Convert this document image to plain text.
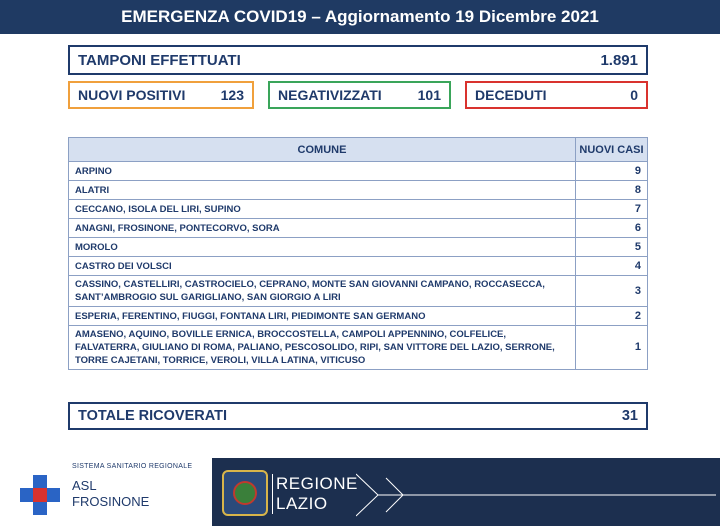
EMERGENZA COVID19 – Aggiornamento 19 Dicembre 2021
TAMPONI EFFETTUATI	1.891
NUOVI POSITIVI	123 NEGATIVIZZATI	101 DECEDUTI	0
COMUNE	NUOVI CASI
ARPINO	9
ALATRI	8
CECCANO, ISOLA DEL LIRI, SUPINO	7
ANAGNI, FROSINONE, PONTECORVO, SORA	6
MOROLO	5
CASTRO DEI VOLSCI	4
CASSINO, CASTELLIRI, CASTROCIELO, CEPRANO, MONTE SAN GIOVANNI CAMPANO, ROCCASECCA, SANT’AMBROGIO SUL GARIGLIANO, SAN GIORGIO A LIRI	3
ESPERIA, FERENTINO, FIUGGI, FONTANA LIRI, PIEDIMONTE SAN GERMANO	2
AMASENO, AQUINO, BOVILLE ERNICA, BROCCOSTELLA, CAMPOLI APPENNINO, COLFELICE, FALVATERRA, GIULIANO DI ROMA, PALIANO, PESCOSOLIDO, RIPI, SAN VITTORE DEL LAZIO, SERRONE, TORRE CAJETANI, TORRICE, VEROLI, VILLA LATINA, VITICUSO	1
TOTALE RICOVERATI	31
SISTEMA SANITARIO REGIONALE
ASL
FROSINONE
REGIONE
LAZIO
